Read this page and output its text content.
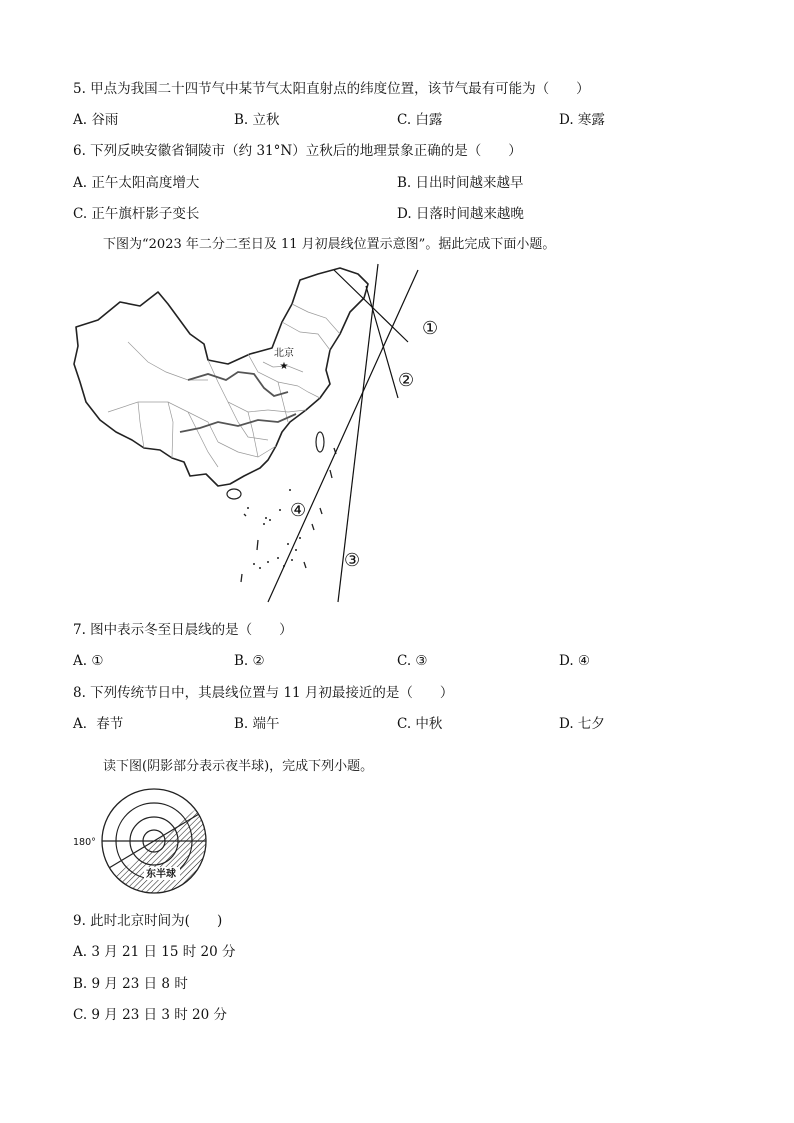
5. 甲点为我国二十四节气中某节气太阳直射点的纬度位置，该节气最有可能为（　　）
A. 谷雨	B. 立秋	C. 白露	D. 寒露
6. 下列反映安徽省铜陵市（约 31°N）立秋后的地理景象正确的是（　　）
A. 正午太阳高度增大	B. 日出时间越来越早
C. 正午旗杆影子变长	D. 日落时间越来越晚
下图为“2023 年二分二至日及 11 月初晨线位置示意图”。据此完成下面小题。
★
北京
①
②
③
④
7. 图中表示冬至日晨线的是（　　）
A. ①	B. ②	C. ③	D. ④
8. 下列传统节日中，其晨线位置与 11 月初最接近的是（　　）
A．春节	B. 端午	C. 中秋	D. 七夕
读下图(阴影部分表示夜半球)，完成下列小题。
180°
东半球
9. 此时北京时间为(　　)
A. 3 月 21 日 15 时 20 分
B. 9 月 23 日 8 时
C. 9 月 23 日 3 时 20 分
